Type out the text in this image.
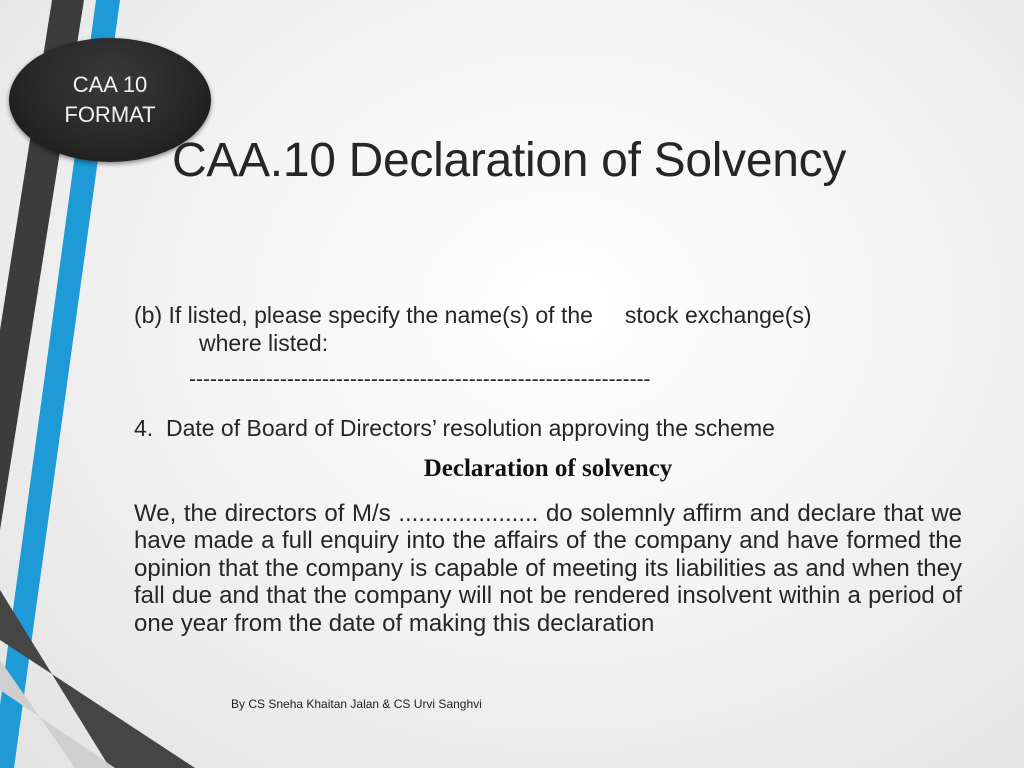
CAA 10
FORMAT
CAA.10 Declaration of Solvency
(b) If listed, please specify the name(s) of the     stock exchange(s)
where listed:
------------------------------------------------------------------
4.  Date of Board of Directors’ resolution approving the scheme
Declaration of solvency
We, the directors of M/s ..................... do solemnly affirm and declare that we have made a full enquiry into the affairs of the company and have formed the opinion that the company is capable of meeting its liabilities as and when they fall due and that the company will not be rendered insolvent within a period of one year from the date of making this declaration
By CS Sneha Khaitan Jalan & CS Urvi Sanghvi
